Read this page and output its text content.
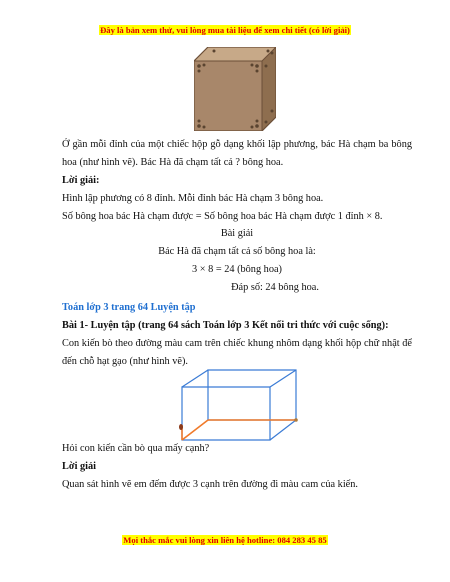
Đây là bản xem thử, vui lòng mua tài liệu để xem chi tiết (có lời giải)
Ở gần mỗi đỉnh của một chiếc hộp gỗ dạng khối lập phương, bác Hà chạm ba bông hoa (như hình vẽ). Bác Hà đã chạm tất cả ? bông hoa.
Lời giải:
Hình lập phương có 8 đỉnh. Mỗi đỉnh bác Hà chạm 3 bông hoa.
Số bông hoa bác Hà chạm được = Số bông hoa bác Hà chạm được 1 đỉnh × 8.
Bài giải
Bác Hà đã chạm tất cả số bông hoa là:
3 × 8 = 24 (bông hoa)
Đáp số: 24 bông hoa.
Toán lớp 3 trang 64 Luyện tập
Bài 1- Luyện tập (trang 64 sách Toán lớp 3 Kết nối tri thức với cuộc sống):
Con kiến bò theo đường màu cam trên chiếc khung nhôm dạng khối hộp chữ nhật để đến chỗ hạt gạo (như hình vẽ).
Hỏi con kiến cần bò qua mấy cạnh?
Lời giải
Quan sát hình vẽ em đếm được 3 cạnh trên đường đi màu cam của kiến.
Mọi thắc mắc vui lòng xin liên hệ hotline: 084 283 45 85
